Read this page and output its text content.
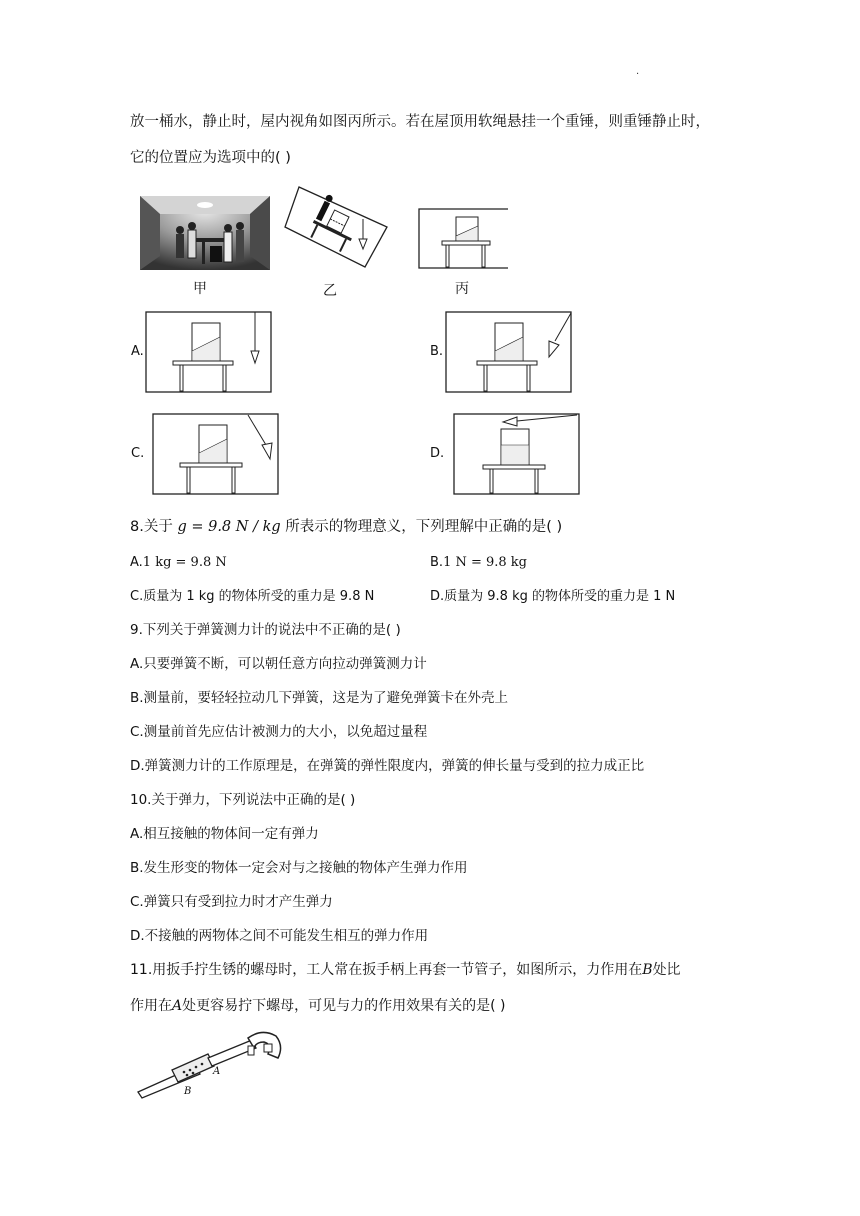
.
放一桶水，静止时，屋内视角如图丙所示。若在屋顶用软绳悬挂一个重锤，则重锤静止时，
它的位置应为选项中的( )
甲	乙	丙
A.	B.
C.	D.
8.关于 g = 9.8 N / kg 所表示的物理意义，下列理解中正确的是( )
A.1 kg = 9.8 N	B.1 N = 9.8 kg
C.质量为 1 kg 的物体所受的重力是 9.8 N	D.质量为 9.8 kg 的物体所受的重力是 1 N
9.下列关于弹簧测力计的说法中不正确的是( )
A.只要弹簧不断，可以朝任意方向拉动弹簧测力计
B.测量前，要轻轻拉动几下弹簧，这是为了避免弹簧卡在外壳上
C.测量前首先应估计被测力的大小，以免超过量程
D.弹簧测力计的工作原理是，在弹簧的弹性限度内，弹簧的伸长量与受到的拉力成正比
10.关于弹力，下列说法中正确的是( )
A.相互接触的物体间一定有弹力
B.发生形变的物体一定会对与之接触的物体产生弹力作用
C.弹簧只有受到拉力时才产生弹力
D.不接触的两物体之间不可能发生相互的弹力作用
11.用扳手拧生锈的螺母时，工人常在扳手柄上再套一节管子，如图所示，力作用在B处比
作用在A处更容易拧下螺母，可见与力的作用效果有关的是( )
A
B
